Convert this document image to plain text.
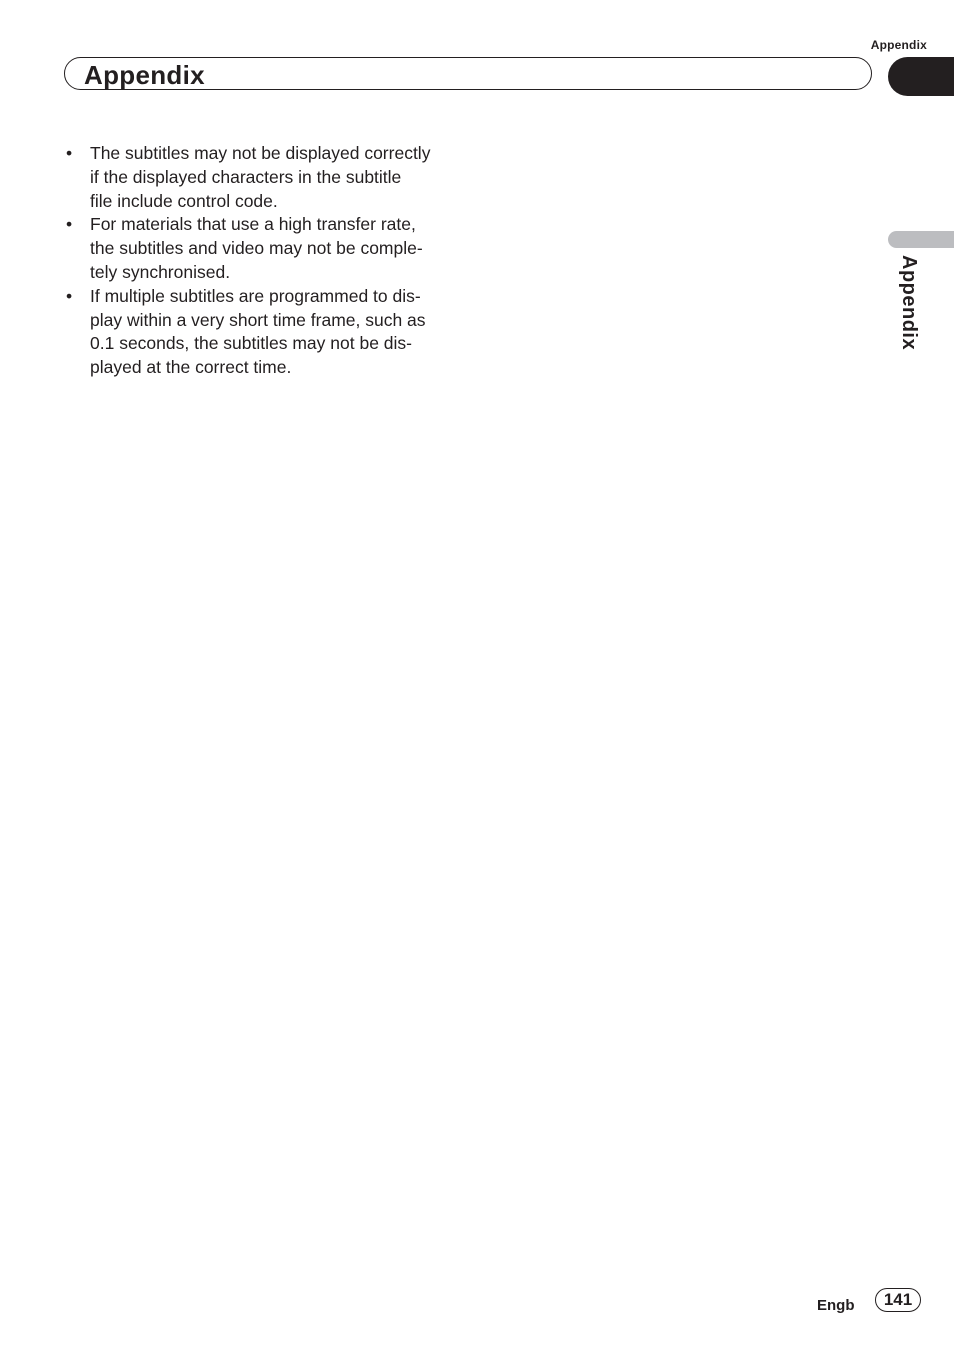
Appendix
Appendix
Appendix
• The subtitles may not be displayed correctly
if the displayed characters in the subtitle
file include control code.
• For materials that use a high transfer rate,
the subtitles and video may not be comple-
tely synchronised.
• If multiple subtitles are programmed to dis-
play within a very short time frame, such as
0.1 seconds, the subtitles may not be dis-
played at the correct time.
Engb	141
